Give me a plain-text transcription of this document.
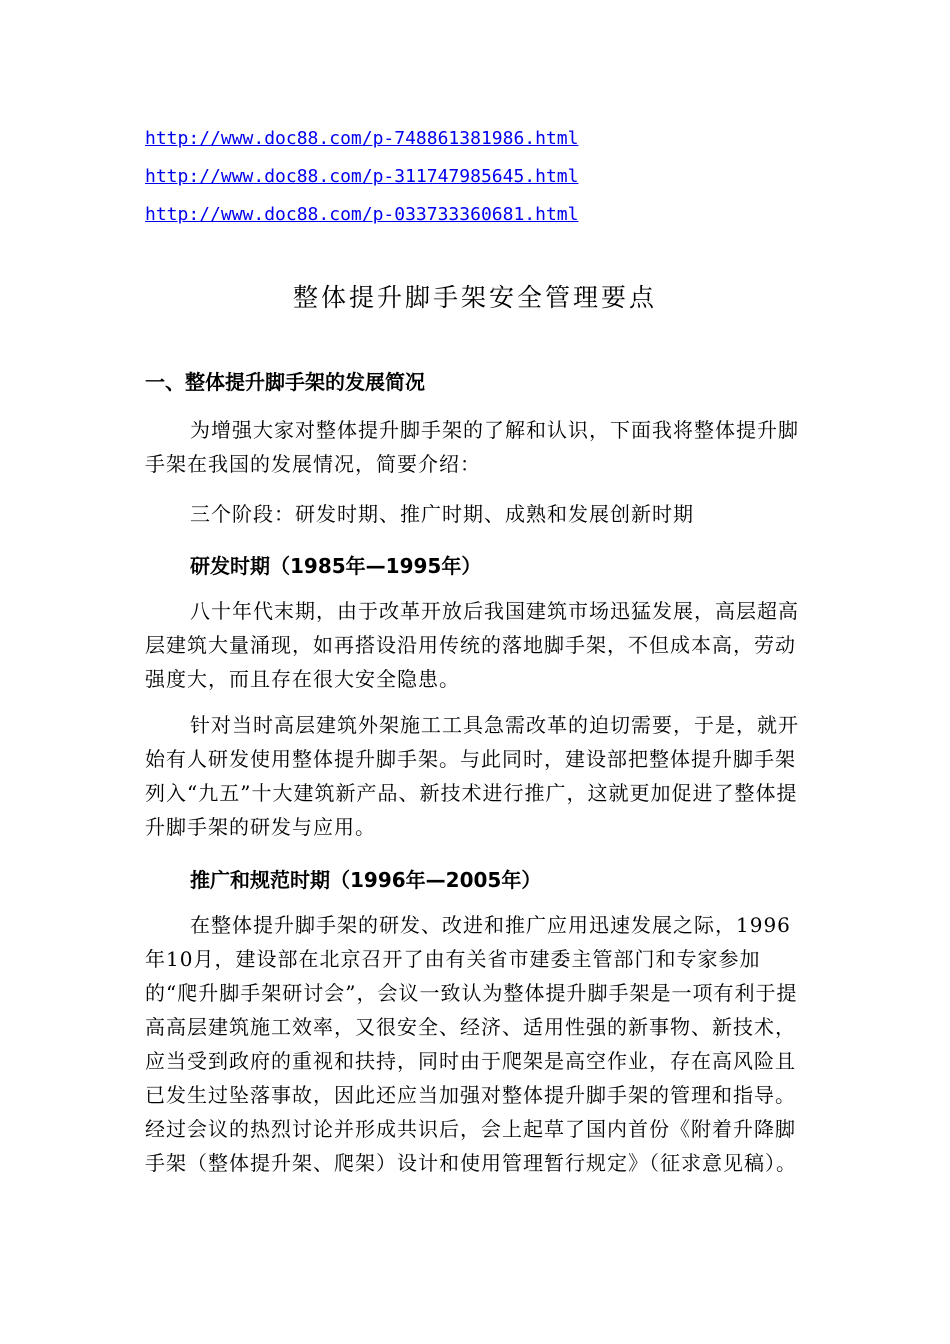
http://www.doc88.com/p-748861381986.html
http://www.doc88.com/p-311747985645.html
http://www.doc88.com/p-033733360681.html
整体提升脚手架安全管理要点
一、整体提升脚手架的发展简况

为增强大家对整体提升脚手架的了解和认识，下面我将整体提升脚手架在我国的发展情况，简要介绍：

三个阶段：研发时期、推广时期、成熟和发展创新时期

研发时期（1985年—1995年）

八十年代末期，由于改革开放后我国建筑市场迅猛发展，高层超高层建筑大量涌现，如再搭设沿用传统的落地脚手架，不但成本高，劳动强度大，而且存在很大安全隐患。

针对当时高层建筑外架施工工具急需改革的迫切需要，于是，就开始有人研发使用整体提升脚手架。与此同时，建设部把整体提升脚手架列入“九五”十大建筑新产品、新技术进行推广，这就更加促进了整体提升脚手架的研发与应用。

推广和规范时期（1996年—2005年）

在整体提升脚手架的研发、改进和推广应用迅速发展之际，1996年10月，建设部在北京召开了由有关省市建委主管部门和专家参加的“爬升脚手架研讨会”，会议一致认为整体提升脚手架是一项有利于提高高层建筑施工效率，又很安全、经济、适用性强的新事物、新技术，应当受到政府的重视和扶持，同时由于爬架是高空作业，存在高风险且已发生过坠落事故，因此还应当加强对整体提升脚手架的管理和指导。经过会议的热烈讨论并形成共识后，会上起草了国内首份《附着升降脚手架（整体提升架、爬架）设计和使用管理暂行规定》（征求意见稿）。
